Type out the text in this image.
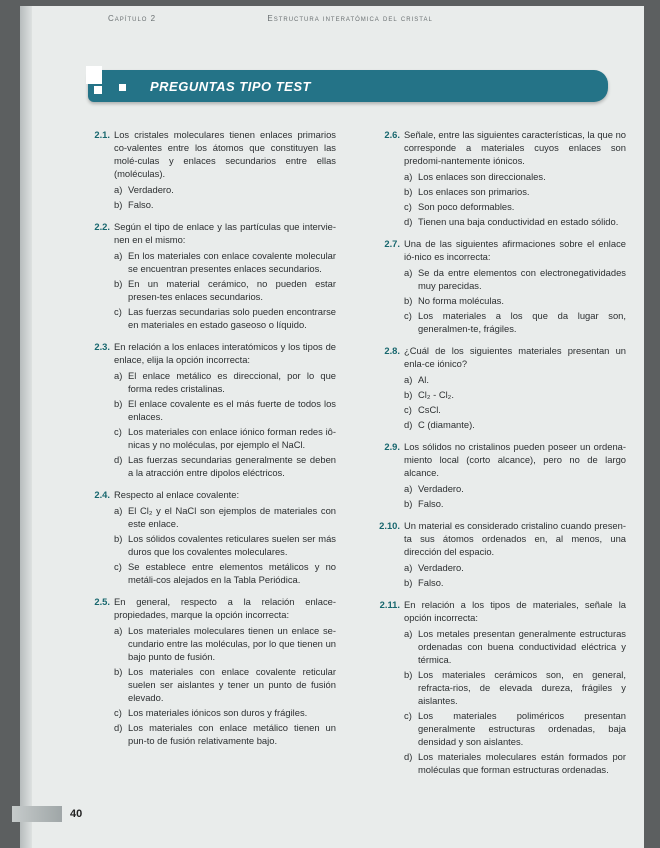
Capítulo 2	Estructura interatómica del cristal
PREGUNTAS TIPO TEST
2.1. Los cristales moleculares tienen enlaces primarios co-valentes entre los átomos que constituyen las molé-culas y enlaces secundarios entre ellas (moléculas).
a) Verdadero.
b) Falso.
2.2. Según el tipo de enlace y las partículas que intervie-nen en el mismo:
a) En los materiales con enlace covalente molecular se encuentran presentes enlaces secundarios.
b) En un material cerámico, no pueden estar presen-tes enlaces secundarios.
c) Las fuerzas secundarias solo pueden encontrarse en materiales en estado gaseoso o líquido.
2.3. En relación a los enlaces interatómicos y los tipos de enlace, elija la opción incorrecta:
a) El enlace metálico es direccional, por lo que forma redes cristalinas.
b) El enlace covalente es el más fuerte de todos los enlaces.
c) Los materiales con enlace iónico forman redes iô-nicas y no moléculas, por ejemplo el NaCl.
d) Las fuerzas secundarias generalmente se deben a la atracción entre dipolos eléctricos.
2.4. Respecto al enlace covalente:
a) El Cl₂ y el NaCl son ejemplos de materiales con este enlace.
b) Los sólidos covalentes reticulares suelen ser más duros que los covalentes moleculares.
c) Se establece entre elementos metálicos y no metáli-cos alejados en la Tabla Periódica.
2.5. En general, respecto a la relación enlace-propiedades, marque la opción incorrecta:
a) Los materiales moleculares tienen un enlace se-cundario entre las moléculas, por lo que tienen un bajo punto de fusión.
b) Los materiales con enlace covalente reticular suelen ser aislantes y tener un punto de fusión elevado.
c) Los materiales iónicos son duros y frágiles.
d) Los materiales con enlace metálico tienen un pun-to de fusión relativamente bajo.
2.6. Señale, entre las siguientes características, la que no corresponde a materiales cuyos enlaces son predomi-nantemente iónicos.
a) Los enlaces son direccionales.
b) Los enlaces son primarios.
c) Son poco deformables.
d) Tienen una baja conductividad en estado sólido.
2.7. Una de las siguientes afirmaciones sobre el enlace ió-nico es incorrecta:
a) Se da entre elementos con electronegatividades muy parecidas.
b) No forma moléculas.
c) Los materiales a los que da lugar son, generalmen-te, frágiles.
2.8. ¿Cuál de los siguientes materiales presentan un enla-ce iónico?
a) Al.
b) Cl₂ - Cl₂.
c) CsCl.
d) C (diamante).
2.9. Los sólidos no cristalinos pueden poseer un ordena-miento local (corto alcance), pero no de largo alcance.
a) Verdadero.
b) Falso.
2.10. Un material es considerado cristalino cuando presen-ta sus átomos ordenados en, al menos, una dirección del espacio.
a) Verdadero.
b) Falso.
2.11. En relación a los tipos de materiales, señale la opción incorrecta:
a) Los metales presentan generalmente estructuras ordenadas con buena conductividad eléctrica y térmica.
b) Los materiales cerámicos son, en general, refracta-rios, de elevada dureza, frágiles y aislantes.
c) Los materiales poliméricos presentan generalmente estructuras ordenadas, baja densidad y son aislantes.
d) Los materiales moleculares están formados por moléculas que forman estructuras ordenadas.
40
